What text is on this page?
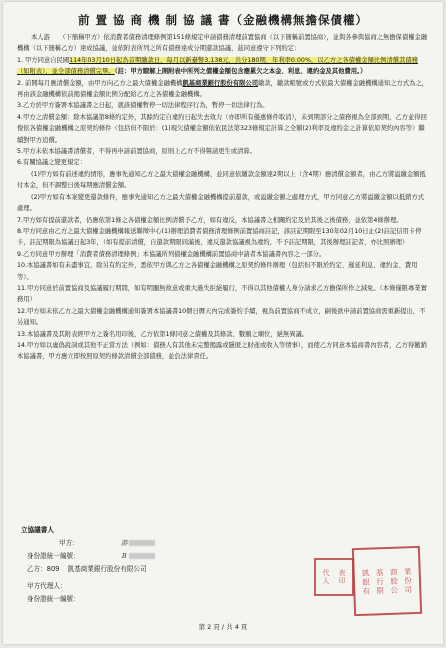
前 置 協 商 機 制 協 議 書（金融機構無擔保債權）

本人游　　（下簡稱甲方）依消費者債務清理條例第151條規定申請債務清理前置協商（以下簡稱前置協商），並與各參與協商之無擔保債權金融機構（以下簡稱乙方）達成協議，並依附表所列之所有債務達成分期還款協議，茲同意遵守下列約定：

1. 甲方同意自民國114年03月10日起為首期繳款日，每月以新臺幣3,138元，共分180期，年利率0.00%，以乙方之各債權金額比例清償其債務（如附表），並全部債務清償完畢。（註：甲方瞭解上開附表中所列之債權金額包含應累欠之本金、利息、違約金及其他費用。）

2. 前開每月應清償金額，由甲方向乙方之最大債權金融機構凱基商業銀行股份有限公司繳款，繳款帳號或方式依最大債權金融機構通知之方式為之，再由該金融機構依前揭債權金額比例分配給乙方之各債權金融機構。

3.乙方於甲方簽署本協議書之日起，就該債權暫停一切法律程序行為，暫停一切法律行為。

4.甲方之清償金額：除本協議第8條約定外，其餘約定自違約日起失去效力（亦即所有優惠條件取消），未到期部分之債務視為全部到期，乙方並得回復依各債權金融機構之原契約條件（包括但不限於：(1)現欠債權金額依依民法第323條規定計算之全額(2)利率及違約金之計算依原契約內容等）繼續對甲方追償。

5.甲方未依本協議書清償者，不得再申請前置協商，原則上乙方不得聲請更生或清算。

6.有關協議之變更規定：

(1)甲方如有前述違約情形，應事先通知乙方之最大債權金融機構，並同意依繳款金額達2期以上（含4期）應清償金額者，由乙方將溢繳金額抵付本金，但不調整日後每期應清償金額。

(2)甲方如有本案變更還款條件，應事先通知乙方之最大債權金融機構提前還款，或溢繳金額之處理方式，甲方同意乙方將溢繳金額以抵銷方式處理。

7.甲方如有提前還款者，仍應依第1條之各債權金額比例清償予乙方，如有違反，本協議書之相關約定及於其後之後債務，並依第4條辦理。

8.甲方同意由乙方之最大債權金融機構報送聯徵中心(1)辦理消費者債務清理條例前置協商註記，該註記期限至130年02月10日止(2)註記信用卡停卡，註記期限為協議日起3年，（如有提前清償，自還款期限屆滿後，違反還款協議視為違約，不予註記期限，其後辦理註記者，亦比照辦理）

9.乙方同意甲方辦理「消費者債務清理條例」本協議所列債權金融機構前置協商中請者本協議書內容之一部分。

10.本協議書如有未盡事宜，除另有約定外，悉依甲方與乙方之各債權金融機構之原契約條件辦理（包括但不限於約定、遲延利息、違約金、費用等）。

11.甲方同意於前置協商及協議履行期間，如有明顯無故意或重大過失拒絕履行，不得以其他債權人身分請求乙方擔保所作之減免。（本條僅限專業實務用）

12.甲方如未依乙方之最大債權金融機構通知簽署本協議書10個日曆天內完成簽約手續，視為前置協商不成立，嗣後欲申請前置協商需重新提出，不另通知。

13.本協議書及其附表經甲方之簽名用印後，乙方依第1條同意之債權及其條款、數額之順位，絕無異議。

14.甲方如以虛偽說詞或其他不正當方法（例如：債務人有其他未完整揭露或隱匿之財產或收入等情事），而使乙方同意本協商書內容者，乙方得撤銷本協議書，甲方應立即按照原契約條款清償全部債務，並負法律責任。

立協議書人
甲方：	游
身份證統一編號：	B
乙方：809 凱基商業銀行股份有限公司
甲方代理人：
身份證統一編號：
代	表
人	印
凱 基 商 業
銀 行 股 份
有 限 公 司
第 2 頁 / 共 4 頁
